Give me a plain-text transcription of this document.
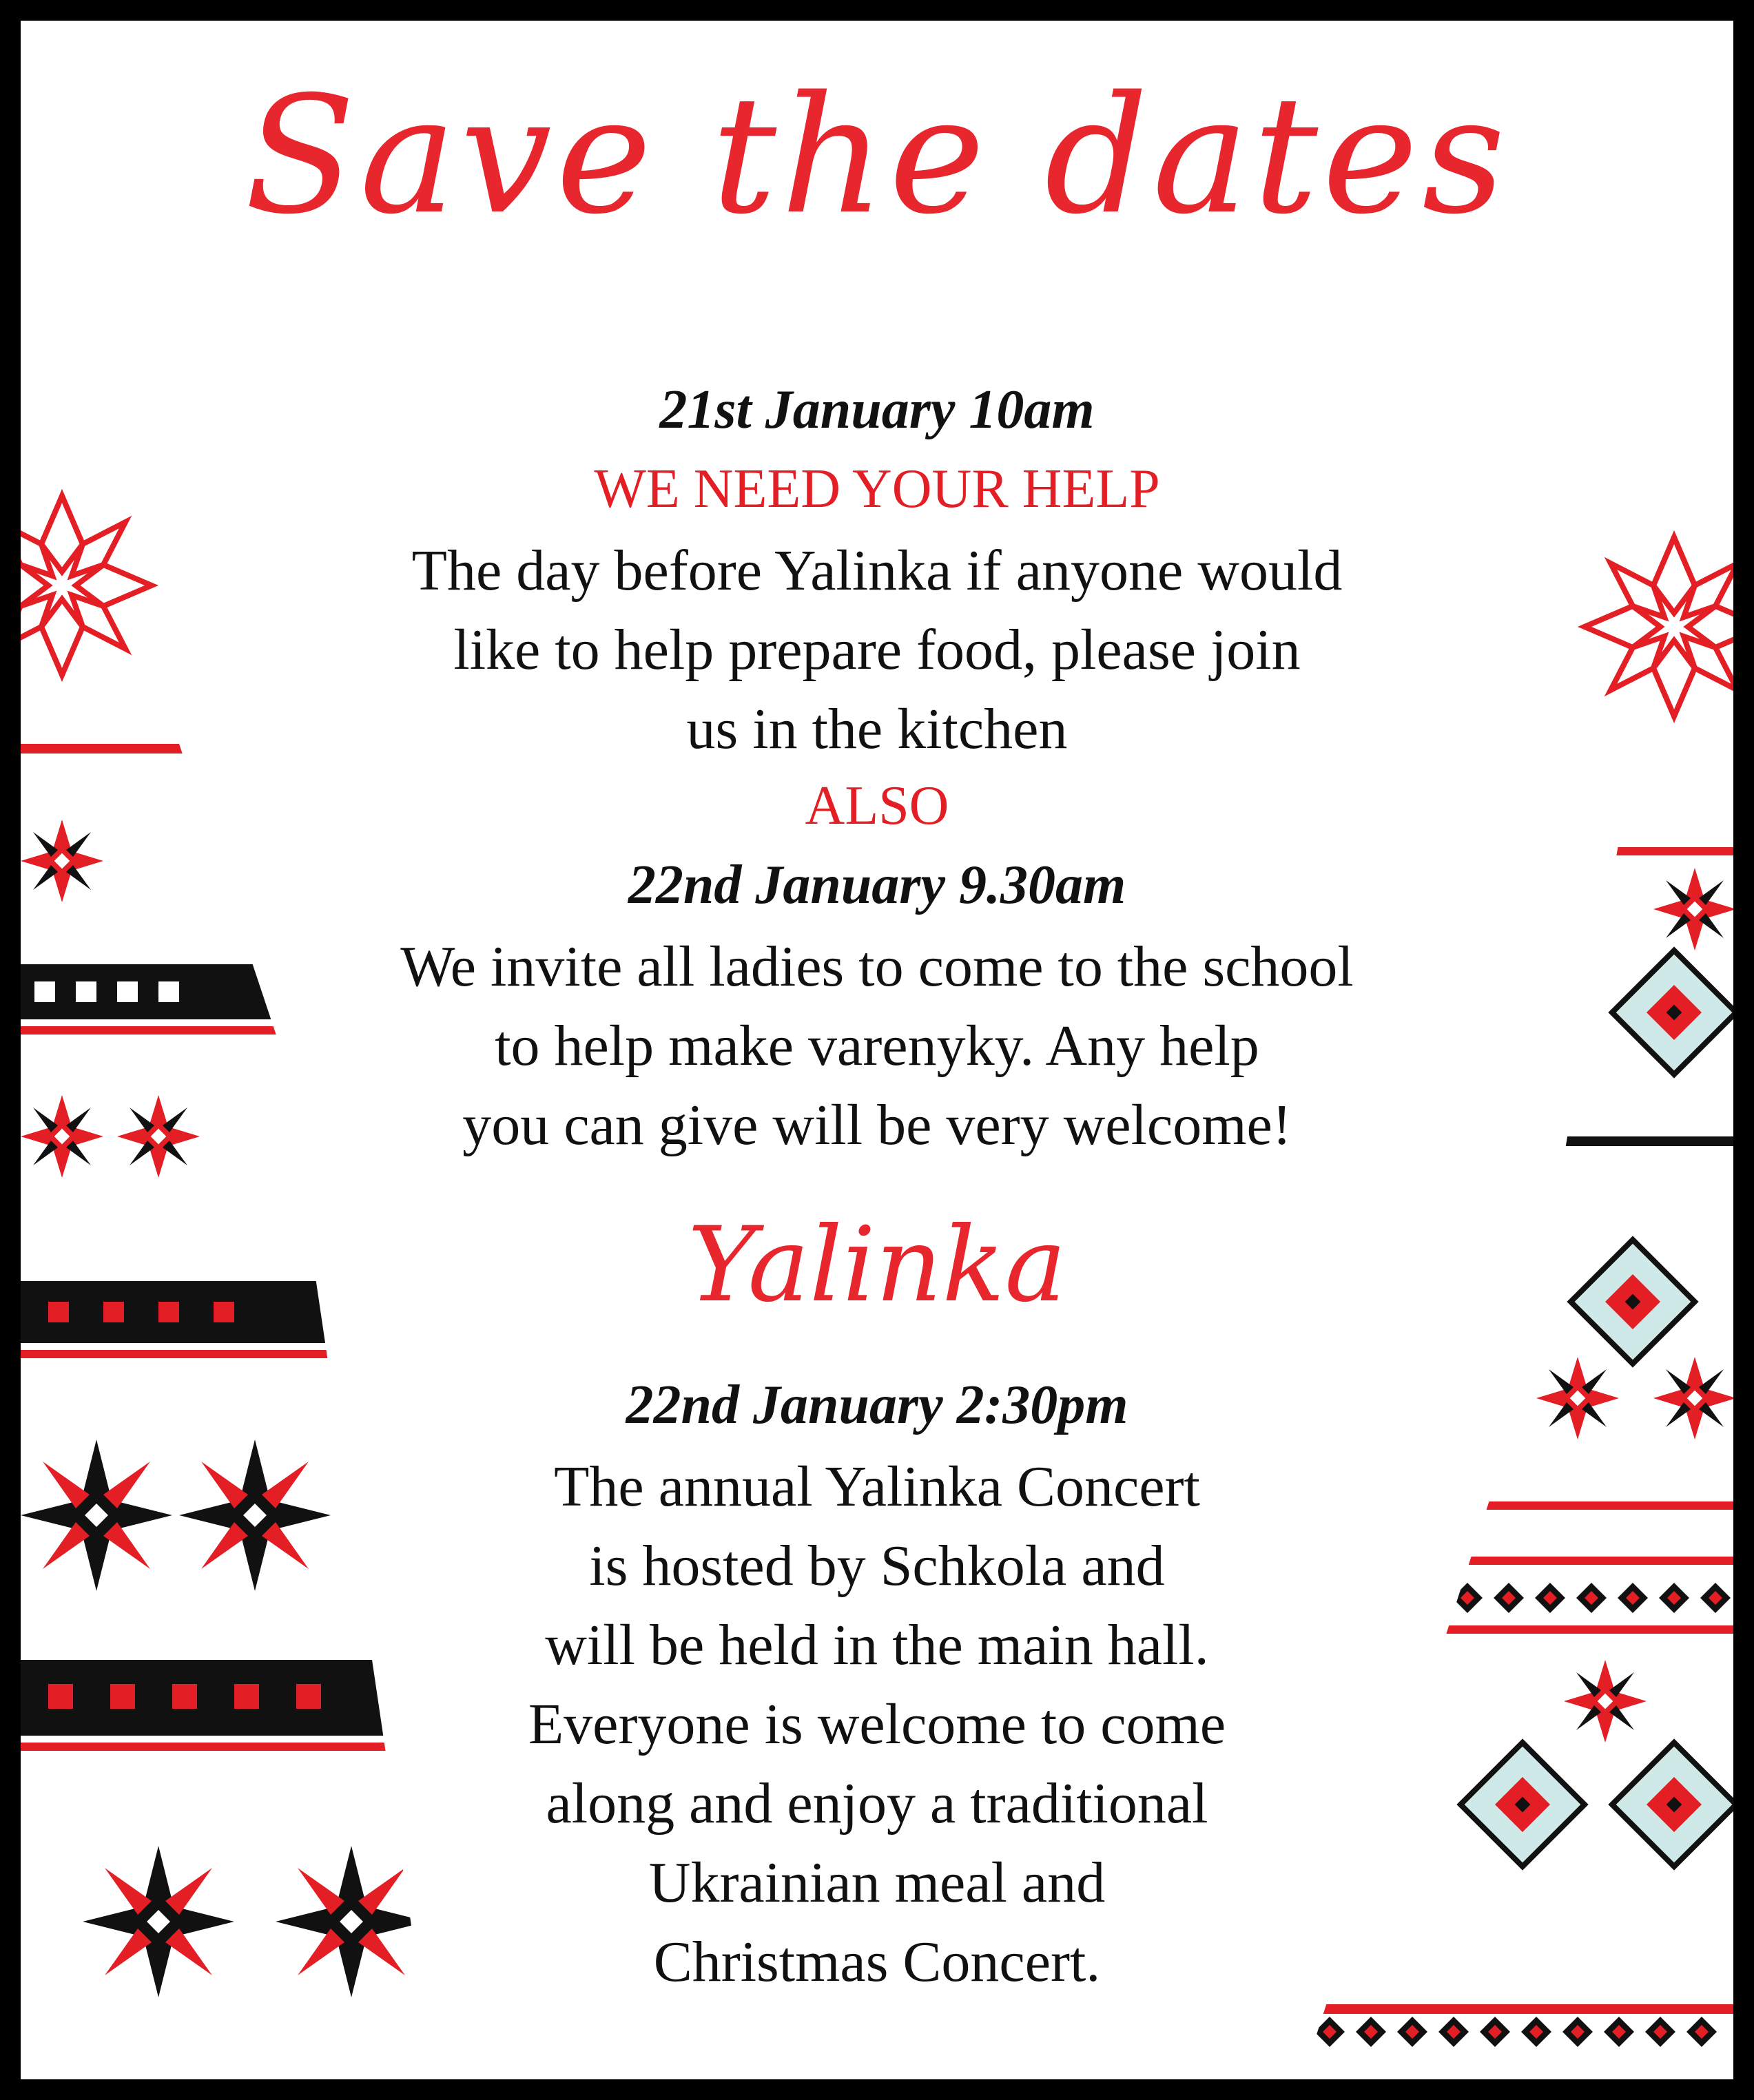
Save the dates
21st January 10am
WE NEED YOUR HELP
The day before Yalinka if anyone would
like to help prepare food, please join
us in the kitchen
ALSO
22nd January 9.30am
We invite all ladies to come to the school
to help make varenyky. Any help
you can give will be very welcome!
Yalinka
22nd January 2:30pm
The annual Yalinka Concert
is hosted by Schkola and
will be held in the main hall.
Everyone is welcome to come
along and enjoy a traditional
Ukrainian meal and
Christmas Concert.
